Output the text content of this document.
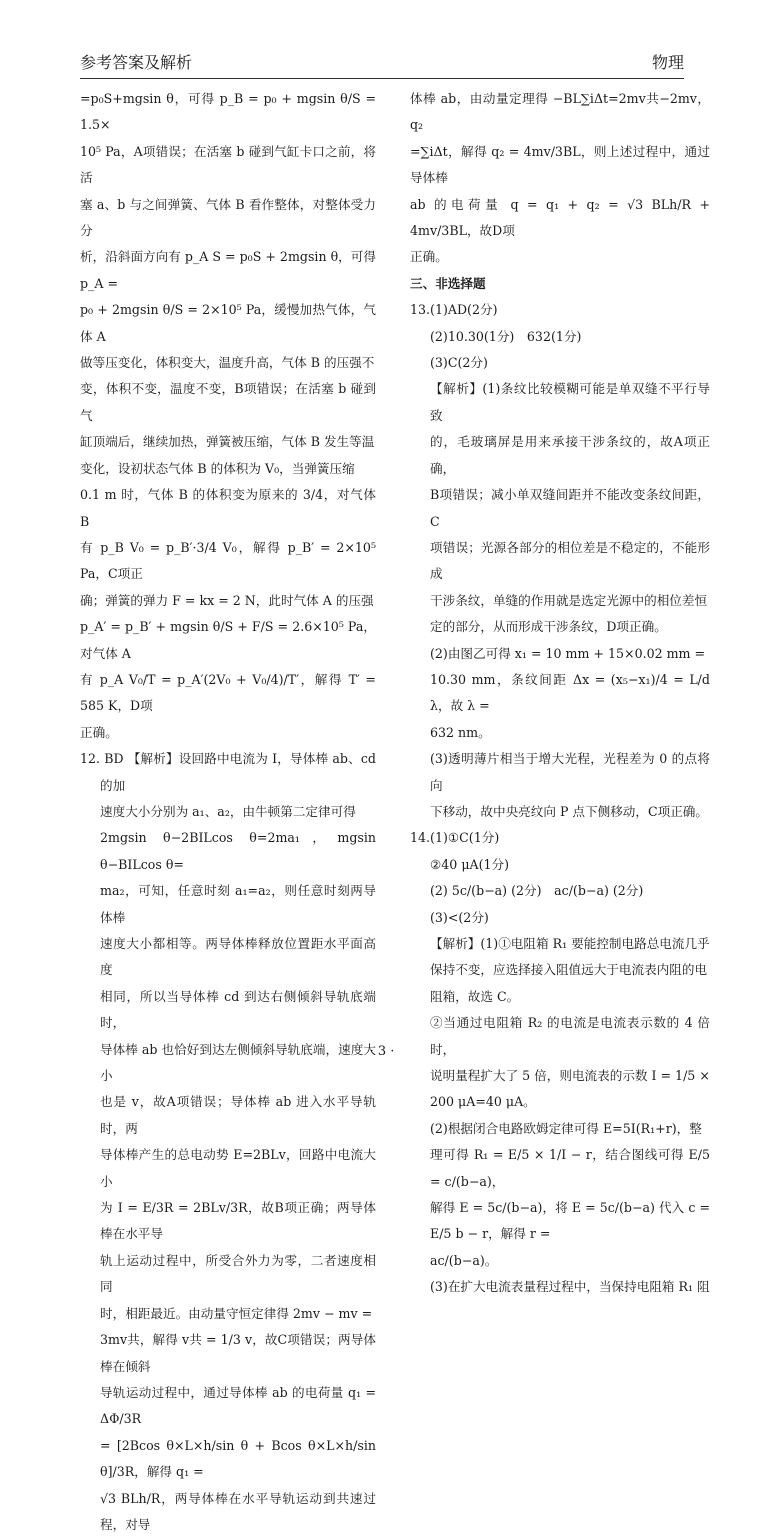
参考答案及解析	物理

=p₀S+mgsin θ，可得 p_B = p₀ + mgsin θ/S = 1.5×

10⁵ Pa，A项错误；在活塞 b 碰到气缸卡口之前，将活

塞 a、b 与之间弹簧、气体 B 看作整体，对整体受力分

析，沿斜面方向有 p_A S = p₀S + 2mgsin θ，可得 p_A =

p₀ + 2mgsin θ/S = 2×10⁵ Pa，缓慢加热气体，气体 A

做等压变化，体积变大，温度升高，气体 B 的压强不

变，体积不变，温度不变，B项错误；在活塞 b 碰到气

缸顶端后，继续加热，弹簧被压缩，气体 B 发生等温

变化，设初状态气体 B 的体积为 V₀，当弹簧压缩

0.1 m 时，气体 B 的体积变为原来的 3/4，对气体 B

有 p_B V₀ = p_B′·3/4 V₀，解得 p_B′ = 2×10⁵ Pa，C项正

确；弹簧的弹力 F = kx = 2 N，此时气体 A 的压强

p_A′ = p_B′ + mgsin θ/S + F/S = 2.6×10⁵ Pa，对气体 A

有 p_A V₀/T = p_A′(2V₀ + V₀/4)/T′，解得 T′ = 585 K，D项

正确。

12. BD 【解析】设回路中电流为 I，导体棒 ab、cd 的加

速度大小分别为 a₁、a₂，由牛顿第二定律可得

2mgsin θ−2BILcos θ=2ma₁，mgsin θ−BILcos θ=

ma₂，可知，任意时刻 a₁=a₂，则任意时刻两导体棒

速度大小都相等。两导体棒释放位置距水平面高度

相同，所以当导体棒 cd 到达右侧倾斜导轨底端时，

导体棒 ab 也恰好到达左侧倾斜导轨底端，速度大小

也是 v，故A项错误；导体棒 ab 进入水平导轨时，两

导体棒产生的总电动势 E=2BLv，回路中电流大小

为 I = E/3R = 2BLv/3R，故B项正确；两导体棒在水平导

轨上运动过程中，所受合外力为零，二者速度相同

时，相距最近。由动量守恒定律得 2mv − mv =

3mv共，解得 v共 = 1/3 v，故C项错误；两导体棒在倾斜

导轨运动过程中，通过导体棒 ab 的电荷量 q₁ = ΔΦ/3R

= [2Bcos θ×L×h/sin θ + Bcos θ×L×h/sin θ]/3R，解得 q₁ =

√3 BLh/R，两导体棒在水平导轨运动到共速过程，对导

体棒 ab，由动量定理得 −BL∑iΔt=2mv共−2mv，q₂

=∑iΔt，解得 q₂ = 4mv/3BL，则上述过程中，通过导体棒

ab 的电荷量 q = q₁ + q₂ = √3 BLh/R + 4mv/3BL，故D项

正确。

三、非选择题

13.(1)AD(2分)

(2)10.30(1分)　632(1分)

(3)C(2分)

【解析】(1)条纹比较模糊可能是单双缝不平行导致

的，毛玻璃屏是用来承接干涉条纹的，故A项正确，

B项错误；减小单双缝间距并不能改变条纹间距，C

项错误；光源各部分的相位差是不稳定的，不能形成

干涉条纹，单缝的作用就是选定光源中的相位差恒

定的部分，从而形成干涉条纹，D项正确。

(2)由图乙可得 x₁ = 10 mm + 15×0.02 mm =

10.30 mm，条纹间距 Δx = (x₅−x₁)/4 = L/d λ，故 λ =

632 nm。

(3)透明薄片相当于增大光程，光程差为 0 的点将向

下移动，故中央亮纹向 P 点下侧移动，C项正确。

14.(1)①C(1分)

②40 μA(1分)

(2) 5c/(b−a) (2分)　ac/(b−a) (2分)

(3)<(2分)

【解析】(1)①电阻箱 R₁ 要能控制电路总电流几乎

保持不变，应选择接入阻值远大于电流表内阻的电

阻箱，故选 C。

②当通过电阻箱 R₂ 的电流是电流表示数的 4 倍时，

说明量程扩大了 5 倍，则电流表的示数 I = 1/5 ×

200 μA=40 μA。

(2)根据闭合电路欧姆定律可得 E=5I(R₁+r)，整

理可得 R₁ = E/5 × 1/I − r，结合图线可得 E/5 = c/(b−a)，

解得 E = 5c/(b−a)，将 E = 5c/(b−a) 代入 c = E/5 b − r，解得 r =

ac/(b−a)。

(3)在扩大电流表量程过程中，当保持电阻箱 R₁ 阻

· 3 ·
